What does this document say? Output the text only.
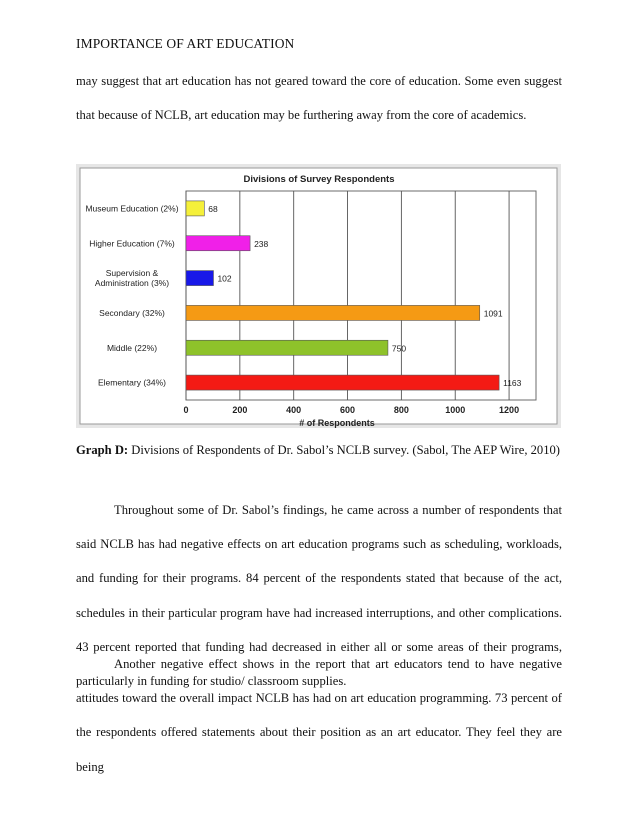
IMPORTANCE OF ART EDUCATION

may suggest that art education has not geared toward the core of education. Some even suggest that because of NCLB, art education may be furthering away from the core of academics.

Divisions of Survey Respondents
# of Respondents
68
238
102
1091
750
1163
Museum Education (2%)
Higher Education (7%)
Supervision & Administration (3%)
Secondary (32%)
Middle (22%)
Elementary (34%)
0	200	400	600	800	1000	1200
Graph D: Divisions of Respondents of Dr. Sabol’s NCLB survey. (Sabol, The AEP Wire, 2010)

Throughout some of Dr. Sabol’s findings, he came across a number of respondents that said NCLB has had negative effects on art education programs such as scheduling, workloads, and funding for their programs. 84 percent of the respondents stated that because of the act, schedules in their particular program have had increased interruptions, and other complications. 43 percent reported that funding had decreased in either all or some areas of their programs, particularly in funding for studio/ classroom supplies.

Another negative effect shows in the report that art educators tend to have negative attitudes toward the overall impact NCLB has had on art education programming. 73 percent of the respondents offered statements about their position as an art educator. They feel they are being
